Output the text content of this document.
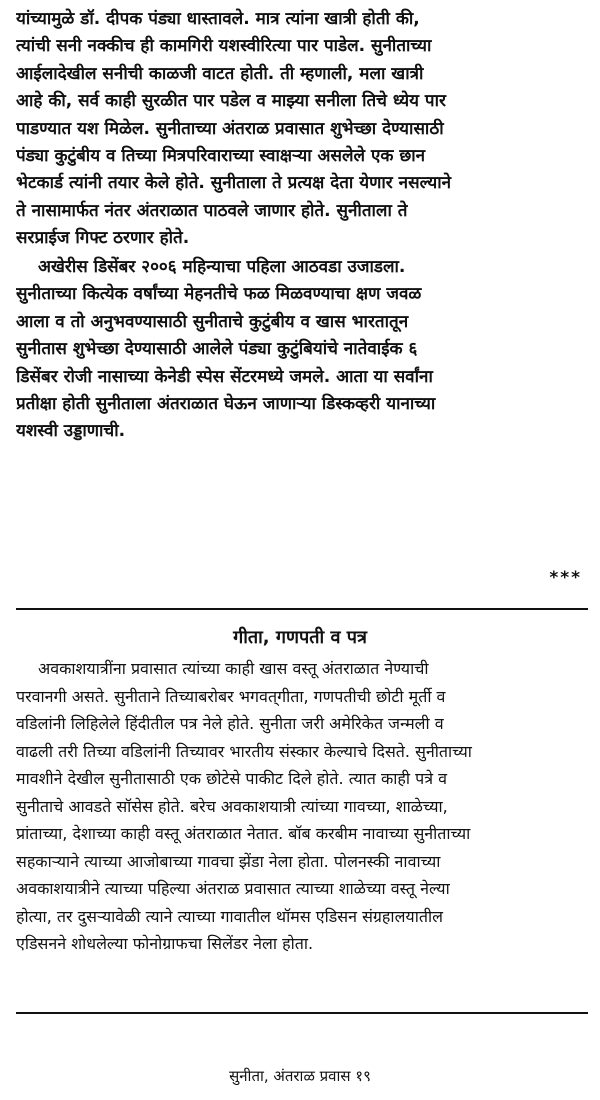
यांच्यामुळे डॉ. दीपक पंड्या धास्तावले. मात्र त्यांना खात्री होती की,
त्यांची सनी नक्कीच ही कामगिरी यशस्वीरित्या पार पाडेल. सुनीताच्या
आईलादेखील सनीची काळजी वाटत होती. ती म्हणाली, मला खात्री
आहे की, सर्व काही सुरळीत पार पडेल व माझ्या सनीला तिचे ध्येय पार
पाडण्यात यश मिळेल. सुनीताच्या अंतराळ प्रवासात शुभेच्छा देण्यासाठी
पंड्या कुटुंबीय व तिच्या मित्रपरिवाराच्या स्वाक्षऱ्या असलेले एक छान
भेटकार्ड त्यांनी तयार केले होते. सुनीताला ते प्रत्यक्ष देता येणार नसल्याने
ते नासामार्फत नंतर अंतराळात पाठवले जाणार होते. सुनीताला ते
सरप्राईज गिफ्ट ठरणार होते.
अखेरीस डिसेंबर २००६ महिन्याचा पहिला आठवडा उजाडला.
सुनीताच्या कित्येक वर्षांच्या मेहनतीचे फळ मिळवण्याचा क्षण जवळ
आला व तो अनुभवण्यासाठी सुनीताचे कुटुंबीय व खास भारतातून
सुनीतास शुभेच्छा देण्यासाठी आलेले पंड्या कुटुंबियांचे नातेवाईक ६
डिसेंबर रोजी नासाच्या केनेडी स्पेस सेंटरमध्ये जमले. आता या सर्वांना
प्रतीक्षा होती सुनीताला अंतराळात घेऊन जाणाऱ्या डिस्कव्हरी यानाच्या
यशस्वी उड्डाणाची.
***
गीता, गणपती व पत्र
अवकाशयात्रींना प्रवासात त्यांच्या काही खास वस्तू अंतराळात नेण्याची
परवानगी असते. सुनीताने तिच्याबरोबर भगवत्‌गीता, गणपतीची छोटी मूर्ती व
वडिलांनी लिहिलेले हिंदीतील पत्र नेले होते. सुनीता जरी अमेरिकेत जन्मली व
वाढली तरी तिच्या वडिलांनी तिच्यावर भारतीय संस्कार केल्याचे दिसते. सुनीताच्या
मावशीने देखील सुनीतासाठी एक छोटेसे पाकीट दिले होते. त्यात काही पत्रे व
सुनीताचे आवडते सॉसेस होते. बरेच अवकाशयात्री त्यांच्या गावच्या, शाळेच्या,
प्रांताच्या, देशाच्या काही वस्तू अंतराळात नेतात. बॉब करबीम नावाच्या सुनीताच्या
सहकाऱ्याने त्याच्या आजोबाच्या गावचा झेंडा नेला होता. पोलनस्की नावाच्या
अवकाशयात्रीने त्याच्या पहिल्या अंतराळ प्रवासात त्याच्या शाळेच्या वस्तू नेल्या
होत्या, तर दुसऱ्यावेळी त्याने त्याच्या गावातील थॉमस एडिसन संग्रहालयातील
एडिसनने शोधलेल्या फोनोग्राफचा सिलेंडर नेला होता.
सुनीता, अंतराळ प्रवास १९
